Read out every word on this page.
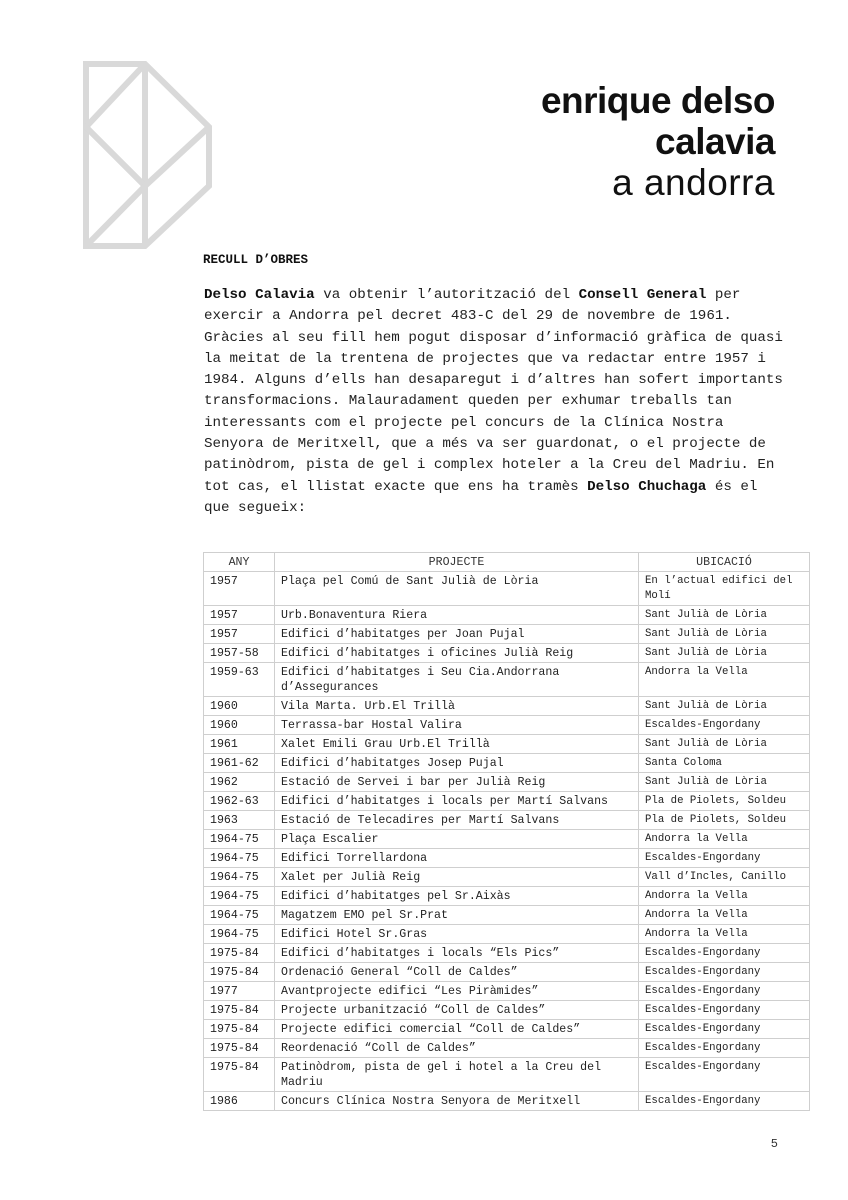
enrique delso
calavia
a andorra
RECULL D’OBRES

Delso Calavia va obtenir l’autorització del Consell General per exercir a Andorra pel decret 483-C del 29 de novembre de 1961. Gràcies al seu fill hem pogut disposar d’informació gràfica de quasi la meitat de la trentena de projectes que va redactar entre 1957 i 1984. Alguns d’ells han desaparegut i d’altres han sofert importants transformacions. Malauradament queden per exhumar treballs tan interessants com el projecte pel concurs de la Clínica Nostra Senyora de Meritxell, que a més va ser guardonat, o el projecte de patinòdrom, pista de gel i complex hoteler a la Creu del Madriu. En tot cas, el llistat exacte que ens ha tramès Delso Chuchaga és el que segueix:

ANY	PROJECTE	UBICACIÓ
1957	Plaça pel Comú de Sant Julià de Lòria	En l’actual edifici del Molí
1957	Urb.Bonaventura Riera	Sant Julià de Lòria
1957	Edifici d’habitatges per Joan Pujal	Sant Julià de Lòria
1957-58	Edifici d’habitatges i oficines Julià Reig	Sant Julià de Lòria
1959-63	Edifici d’habitatges i Seu Cia.Andorrana d’Assegurances	Andorra la Vella
1960	Vila Marta. Urb.El Trillà	Sant Julià de Lòria
1960	Terrassa-bar Hostal Valira	Escaldes-Engordany
1961	Xalet Emili Grau Urb.El Trillà	Sant Julià de Lòria
1961-62	Edifici d’habitatges Josep Pujal	Santa Coloma
1962	Estació de Servei i bar per Julià Reig	Sant Julià de Lòria
1962-63	Edifici d’habitatges i locals per Martí Salvans	Pla de Piolets, Soldeu
1963	Estació de Telecadires per Martí Salvans	Pla de Piolets, Soldeu
1964-75	Plaça Escalier	Andorra la Vella
1964-75	Edifici Torrellardona	Escaldes-Engordany
1964-75	Xalet per Julià Reig	Vall d’Incles, Canillo
1964-75	Edifici d’habitatges pel Sr.Aixàs	Andorra la Vella
1964-75	Magatzem EMO pel Sr.Prat	Andorra la Vella
1964-75	Edifici Hotel Sr.Gras	Andorra la Vella
1975-84	Edifici d’habitatges i locals “Els Pics”	Escaldes-Engordany
1975-84	Ordenació General “Coll de Caldes”	Escaldes-Engordany
1977	Avantprojecte edifici “Les Piràmides”	Escaldes-Engordany
1975-84	Projecte urbanització “Coll de Caldes”	Escaldes-Engordany
1975-84	Projecte edifici comercial “Coll de Caldes”	Escaldes-Engordany
1975-84	Reordenació “Coll de Caldes”	Escaldes-Engordany
1975-84	Patinòdrom, pista de gel i hotel a la Creu del Madriu	Escaldes-Engordany
1986	Concurs Clínica Nostra Senyora de Meritxell	Escaldes-Engordany
5
